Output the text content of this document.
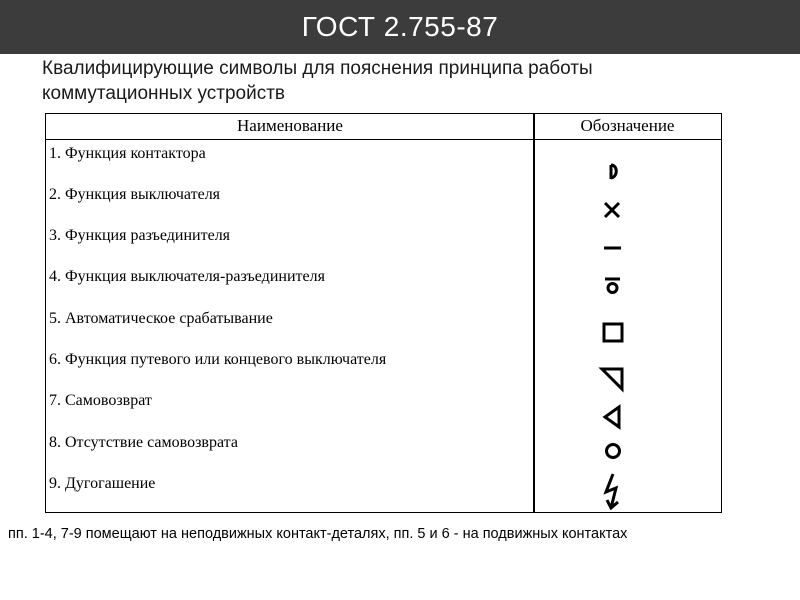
ГОСТ 2.755-87
Квалифицирующие символы для пояснения принципа работы
коммутационных устройств
Наименование	Обозначение
1. Функция контактора
2. Функция выключателя
3. Функция разъединителя
4. Функция выключателя-разъединителя
5. Автоматическое срабатывание
6. Функция путевого или концевого выключателя
7. Самовозврат
8. Отсутствие самовозврата
9. Дугогашение
пп. 1-4, 7-9 помещают на неподвижных контакт-деталях, пп. 5 и 6 - на подвижных контактах
